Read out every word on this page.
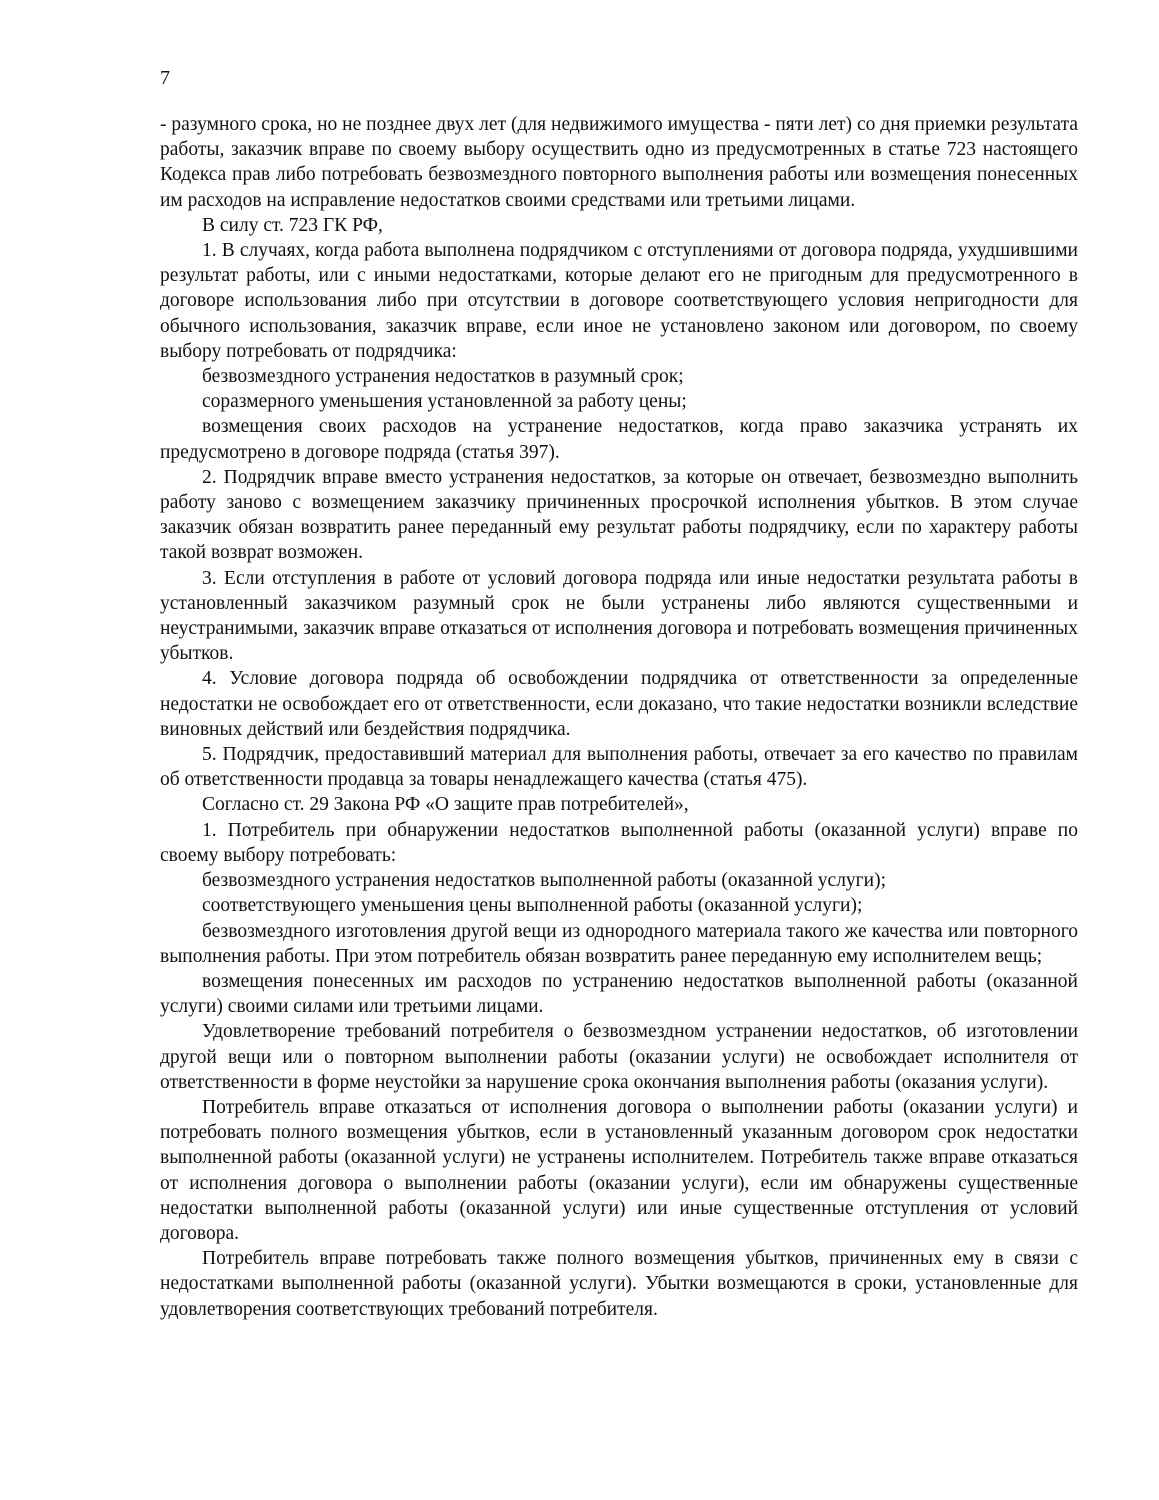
7

- разумного срока, но не позднее двух лет (для недвижимого имущества - пяти лет) со дня приемки результата работы, заказчик вправе по своему выбору осуществить одно из предусмотренных в статье 723 настоящего Кодекса прав либо потребовать безвозмездного повторного выполнения работы или возмещения понесенных им расходов на исправление недостатков своими средствами или третьими лицами.

В силу ст. 723 ГК РФ,

1. В случаях, когда работа выполнена подрядчиком с отступлениями от договора подряда, ухудшившими результат работы, или с иными недостатками, которые делают его не пригодным для предусмотренного в договоре использования либо при отсутствии в договоре соответствующего условия непригодности для обычного использования, заказчик вправе, если иное не установлено законом или договором, по своему выбору потребовать от подрядчика:

безвозмездного устранения недостатков в разумный срок;

соразмерного уменьшения установленной за работу цены;

возмещения своих расходов на устранение недостатков, когда право заказчика устранять их предусмотрено в договоре подряда (статья 397).

2. Подрядчик вправе вместо устранения недостатков, за которые он отвечает, безвозмездно выполнить работу заново с возмещением заказчику причиненных просрочкой исполнения убытков. В этом случае заказчик обязан возвратить ранее переданный ему результат работы подрядчику, если по характеру работы такой возврат возможен.

3. Если отступления в работе от условий договора подряда или иные недостатки результата работы в установленный заказчиком разумный срок не были устранены либо являются существенными и неустранимыми, заказчик вправе отказаться от исполнения договора и потребовать возмещения причиненных убытков.

4. Условие договора подряда об освобождении подрядчика от ответственности за определенные недостатки не освобождает его от ответственности, если доказано, что такие недостатки возникли вследствие виновных действий или бездействия подрядчика.

5. Подрядчик, предоставивший материал для выполнения работы, отвечает за его качество по правилам об ответственности продавца за товары ненадлежащего качества (статья 475).

Согласно ст. 29 Закона РФ «О защите прав потребителей»,

1. Потребитель при обнаружении недостатков выполненной работы (оказанной услуги) вправе по своему выбору потребовать:

безвозмездного устранения недостатков выполненной работы (оказанной услуги);

соответствующего уменьшения цены выполненной работы (оказанной услуги);

безвозмездного изготовления другой вещи из однородного материала такого же качества или повторного выполнения работы. При этом потребитель обязан возвратить ранее переданную ему исполнителем вещь;

возмещения понесенных им расходов по устранению недостатков выполненной работы (оказанной услуги) своими силами или третьими лицами.

Удовлетворение требований потребителя о безвозмездном устранении недостатков, об изготовлении другой вещи или о повторном выполнении работы (оказании услуги) не освобождает исполнителя от ответственности в форме неустойки за нарушение срока окончания выполнения работы (оказания услуги).

Потребитель вправе отказаться от исполнения договора о выполнении работы (оказании услуги) и потребовать полного возмещения убытков, если в установленный указанным договором срок недостатки выполненной работы (оказанной услуги) не устранены исполнителем. Потребитель также вправе отказаться от исполнения договора о выполнении работы (оказании услуги), если им обнаружены существенные недостатки выполненной работы (оказанной услуги) или иные существенные отступления от условий договора.

Потребитель вправе потребовать также полного возмещения убытков, причиненных ему в связи с недостатками выполненной работы (оказанной услуги). Убытки возмещаются в сроки, установленные для удовлетворения соответствующих требований потребителя.
